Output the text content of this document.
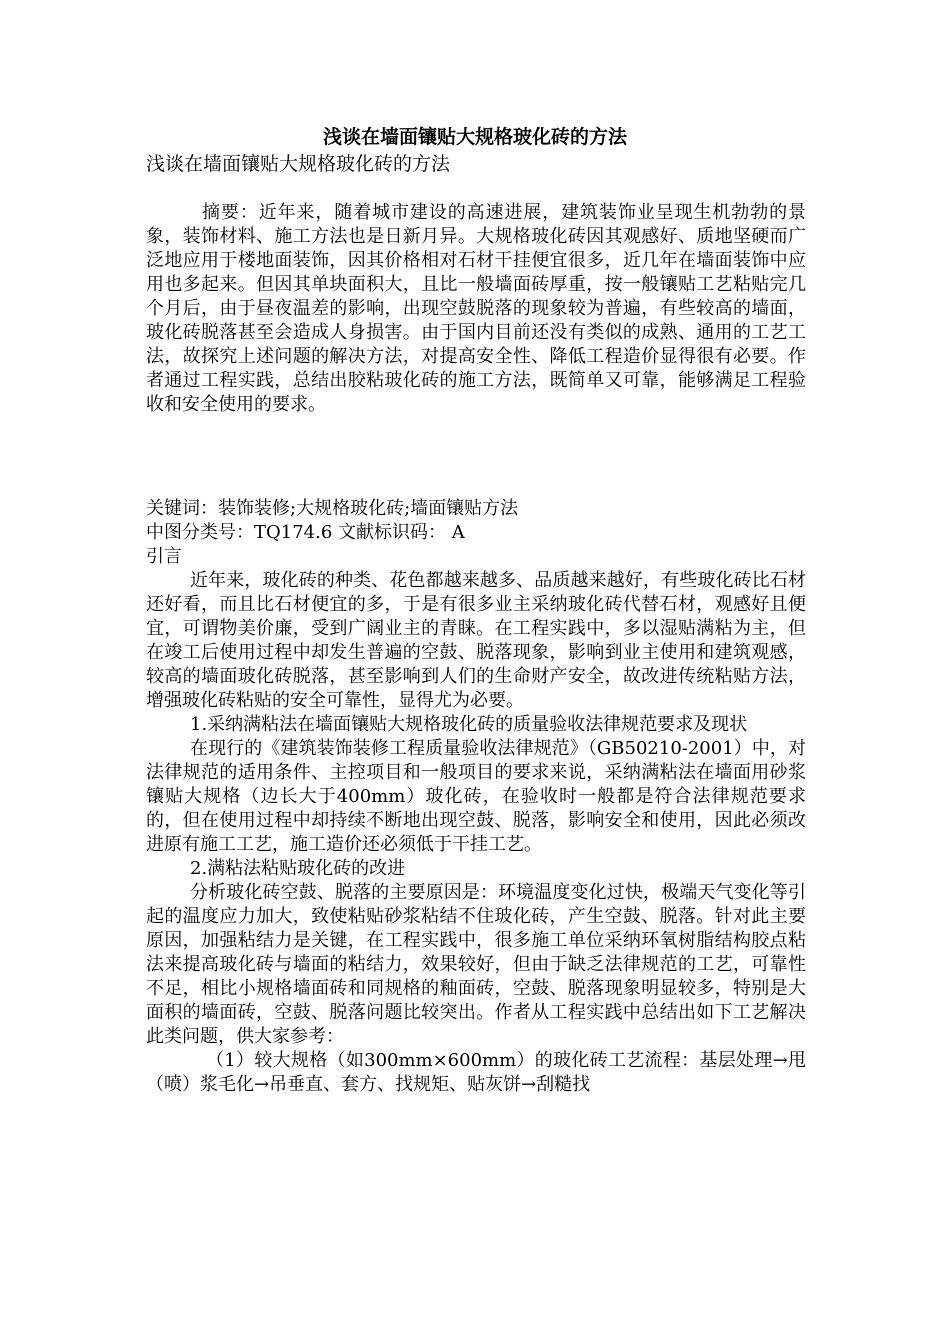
浅谈在墙面镶贴大规格玻化砖的方法
浅谈在墙面镶贴大规格玻化砖的方法
摘要：近年来，随着城市建设的高速进展，建筑装饰业呈现生机勃勃的景象，装饰材料、施工方法也是日新月异。大规格玻化砖因其观感好、质地坚硬而广泛地应用于楼地面装饰，因其价格相对石材干挂便宜很多，近几年在墙面装饰中应用也多起来。但因其单块面积大，且比一般墙面砖厚重，按一般镶贴工艺粘贴完几个月后，由于昼夜温差的影响，出现空鼓脱落的现象较为普遍，有些较高的墙面，玻化砖脱落甚至会造成人身损害。由于国内目前还没有类似的成熟、通用的工艺工法，故探究上述问题的解决方法，对提高安全性、降低工程造价显得很有必要。作者通过工程实践，总结出胶粘玻化砖的施工方法，既简单又可靠，能够满足工程验收和安全使用的要求。

关键词：装饰装修;大规格玻化砖;墙面镶贴方法

中图分类号：TQ174.6 文献标识码： A

引言

近年来，玻化砖的种类、花色都越来越多、品质越来越好，有些玻化砖比石材还好看，而且比石材便宜的多，于是有很多业主采纳玻化砖代替石材，观感好且便宜，可谓物美价廉，受到广阔业主的青睐。在工程实践中，多以湿贴满粘为主，但在竣工后使用过程中却发生普遍的空鼓、脱落现象，影响到业主使用和建筑观感，较高的墙面玻化砖脱落，甚至影响到人们的生命财产安全，故改进传统粘贴方法，增强玻化砖粘贴的安全可靠性，显得尤为必要。

1.采纳满粘法在墙面镶贴大规格玻化砖的质量验收法律规范要求及现状

在现行的《建筑装饰装修工程质量验收法律规范》（GB50210-2001）中，对法律规范的适用条件、主控项目和一般项目的要求来说，采纳满粘法在墙面用砂浆镶贴大规格（边长大于400mm）玻化砖，在验收时一般都是符合法律规范要求的，但在使用过程中却持续不断地出现空鼓、脱落，影响安全和使用，因此必须改进原有施工工艺，施工造价还必须低于干挂工艺。

2.满粘法粘贴玻化砖的改进

分析玻化砖空鼓、脱落的主要原因是：环境温度变化过快，极端天气变化等引起的温度应力加大，致使粘贴砂浆粘结不住玻化砖，产生空鼓、脱落。针对此主要原因，加强粘结力是关键，在工程实践中，很多施工单位采纳环氧树脂结构胶点粘法来提高玻化砖与墙面的粘结力，效果较好，但由于缺乏法律规范的工艺，可靠性不足，相比小规格墙面砖和同规格的釉面砖，空鼓、脱落现象明显较多，特别是大面积的墙面砖，空鼓、脱落问题比较突出。作者从工程实践中总结出如下工艺解决此类问题，供大家参考：

（1）较大规格（如300mm×600mm）的玻化砖工艺流程：基层处理→甩（喷）浆毛化→吊垂直、套方、找规矩、贴灰饼→刮糙找
